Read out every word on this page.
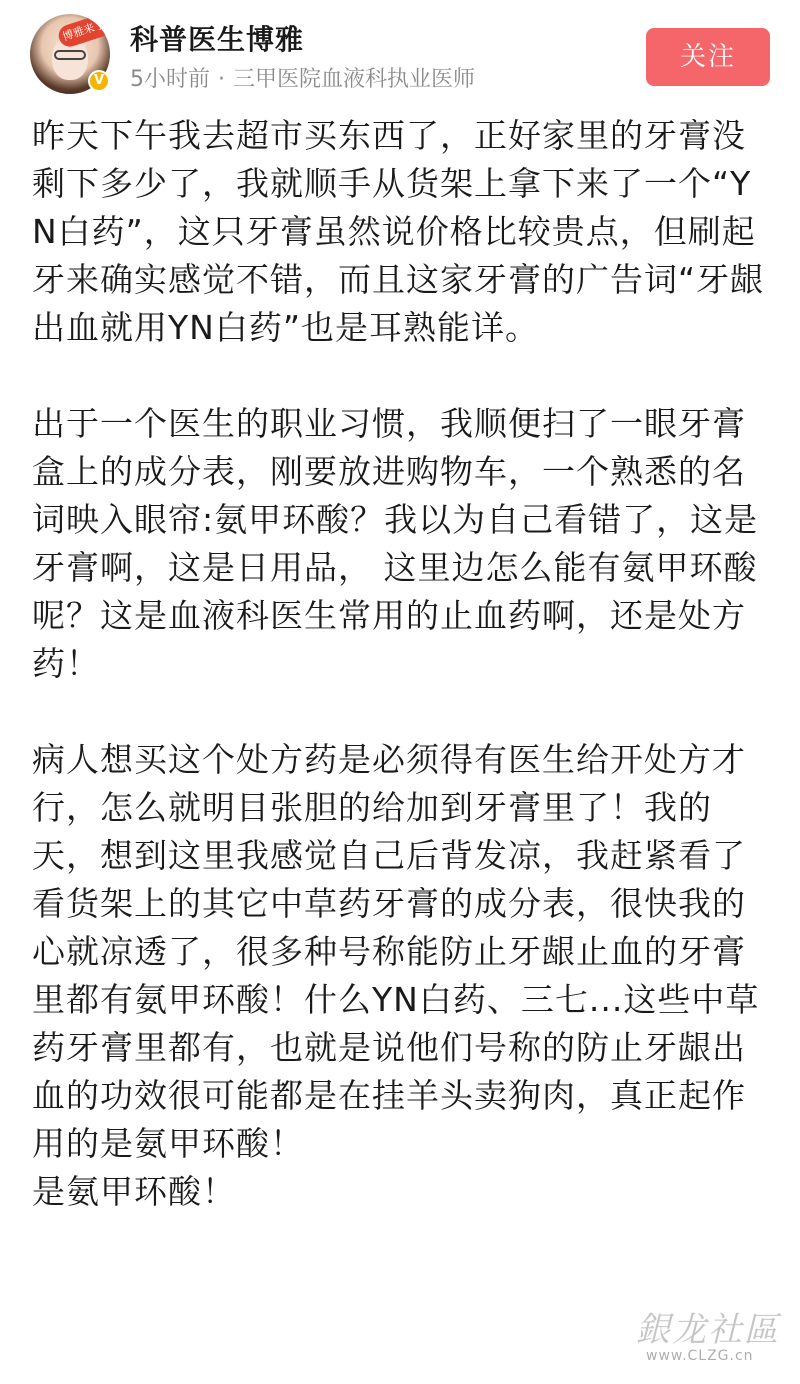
博雅来了
V
科普医生博雅
5小时前 · 三甲医院血液科执业医师
关注

昨天下午我去超市买东西了，正好家里的牙膏没剩下多少了，我就顺手从货架上拿下来了一个“YN白药”，这只牙膏虽然说价格比较贵点，但刷起牙来确实感觉不错，而且这家牙膏的广告词“牙龈出血就用YN白药”也是耳熟能详。

出于一个医生的职业习惯，我顺便扫了一眼牙膏盒上的成分表，刚要放进购物车，一个熟悉的名词映入眼帘:氨甲环酸？我以为自己看错了，这是牙膏啊，这是日用品， 这里边怎么能有氨甲环酸呢？这是血液科医生常用的止血药啊，还是处方药！

病人想买这个处方药是必须得有医生给开处方才行，怎么就明目张胆的给加到牙膏里了！我的天，想到这里我感觉自己后背发凉，我赶紧看了看货架上的其它中草药牙膏的成分表，很快我的心就凉透了，很多种号称能防止牙龈止血的牙膏里都有氨甲环酸！什么YN白药、三七...这些中草药牙膏里都有，也就是说他们号称的防止牙龈出血的功效很可能都是在挂羊头卖狗肉，真正起作用的是氨甲环酸！

是氨甲环酸！

銀龙社區
www.CLZG.cn
